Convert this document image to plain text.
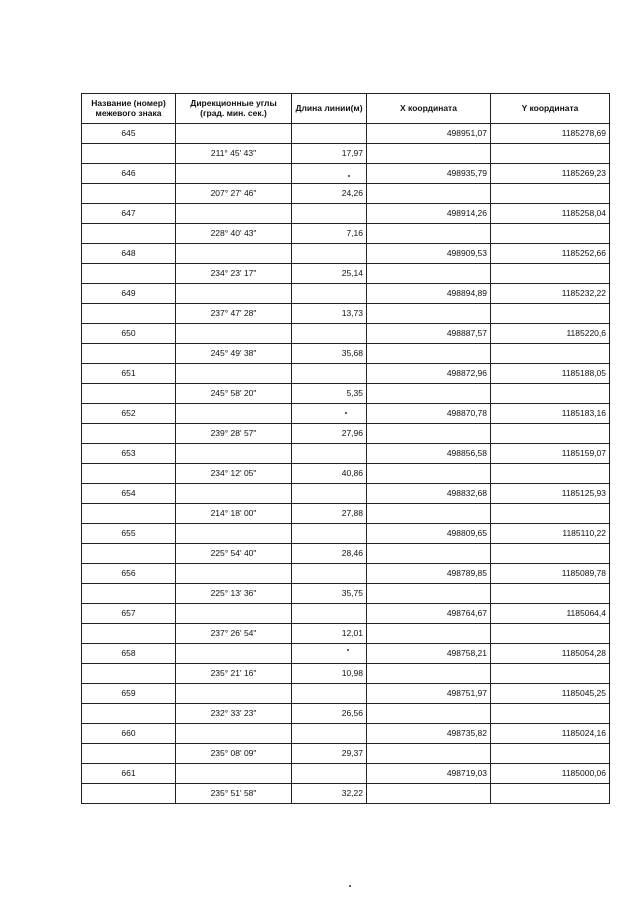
Название (номер) межевого знака	Дирекционные углы (град. мин. сек.)	Длина линии(м)	X координата	Y координата
645			498951,07	1185278,69
	211° 45' 43"	17,97		
646			498935,79	1185269,23
	207° 27' 46"	24,26		
647			498914,26	1185258,04
	228° 40' 43"	7,16		
648			498909,53	1185252,66
	234° 23' 17"	25,14		
649			498894,89	1185232,22
	237° 47' 28"	13,73		
650			498887,57	1185220,6
	245° 49' 38"	35,68		
651			498872,96	1185188,05
	245° 58' 20"	5,35		
652			498870,78	1185183,16
	239° 28' 57"	27,96		
653			498856,58	1185159,07
	234° 12' 05"	40,86		
654			498832,68	1185125,93
	214° 18' 00"	27,88		
655			498809,65	1185110,22
	225° 54' 40"	28,46		
656			498789,85	1185089,78
	225° 13' 36"	35,75		
657			498764,67	1185064,4
	237° 26' 54"	12,01		
658			498758,21	1185054,28
	235° 21' 16"	10,98		
659			498751,97	1185045,25
	232° 33' 23"	26,56		
660			498735,82	1185024,16
	235° 08' 09"	29,37		
661			498719,03	1185000,06
	235° 51' 58"	32,22		
